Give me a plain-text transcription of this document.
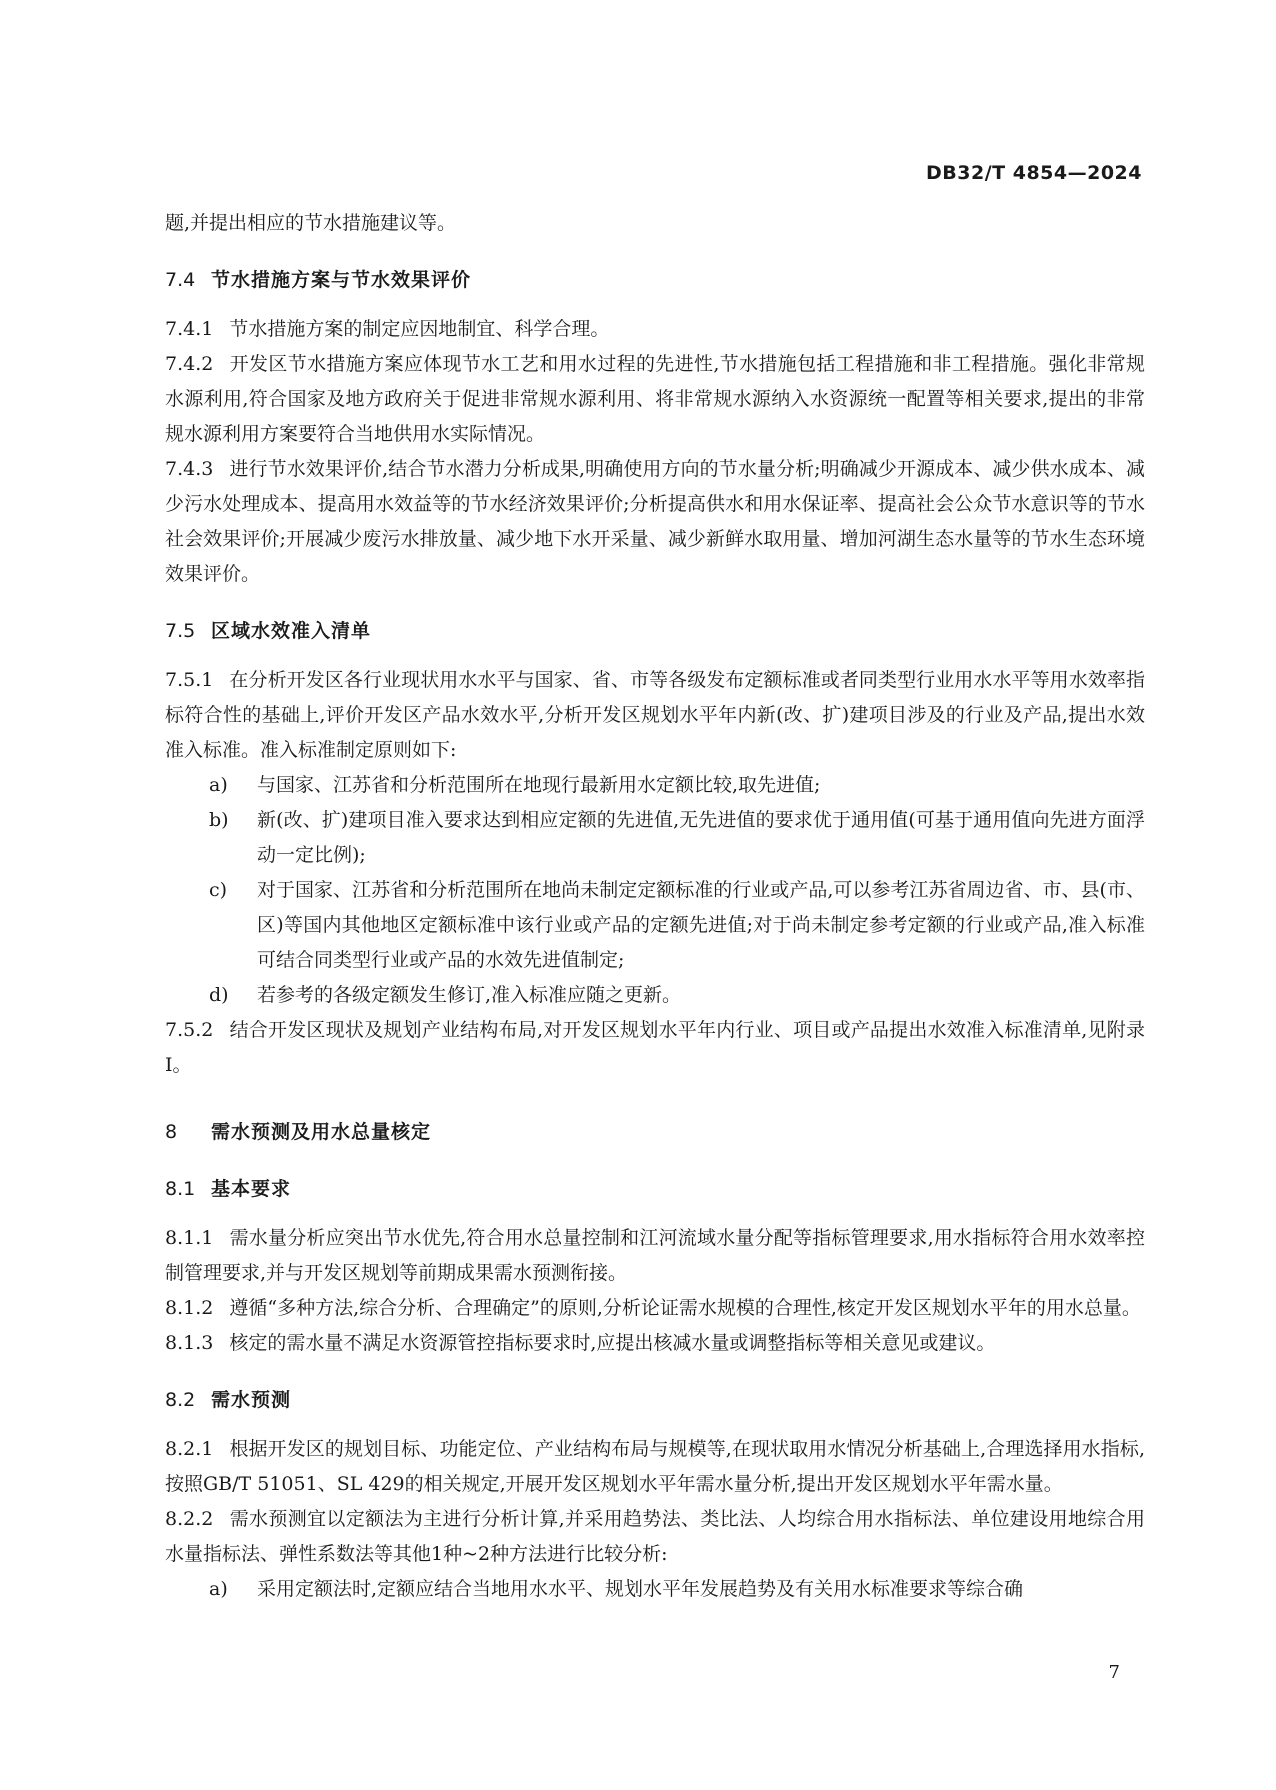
DB32/T 4854—2024

题,并提出相应的节水措施建议等。

7.4 节水措施方案与节水效果评价

7.4.1 节水措施方案的制定应因地制宜、科学合理。

7.4.2 开发区节水措施方案应体现节水工艺和用水过程的先进性,节水措施包括工程措施和非工程措施。强化非常规水源利用,符合国家及地方政府关于促进非常规水源利用、将非常规水源纳入水资源统一配置等相关要求,提出的非常规水源利用方案要符合当地供用水实际情况。

7.4.3 进行节水效果评价,结合节水潜力分析成果,明确使用方向的节水量分析;明确减少开源成本、减少供水成本、减少污水处理成本、提高用水效益等的节水经济效果评价;分析提高供水和用水保证率、提高社会公众节水意识等的节水社会效果评价;开展减少废污水排放量、减少地下水开采量、减少新鲜水取用量、增加河湖生态水量等的节水生态环境效果评价。

7.5 区域水效准入清单

7.5.1 在分析开发区各行业现状用水水平与国家、省、市等各级发布定额标准或者同类型行业用水水平等用水效率指标符合性的基础上,评价开发区产品水效水平,分析开发区规划水平年内新(改、扩)建项目涉及的行业及产品,提出水效准入标准。准入标准制定原则如下:

a) 与国家、江苏省和分析范围所在地现行最新用水定额比较,取先进值;

b) 新(改、扩)建项目准入要求达到相应定额的先进值,无先进值的要求优于通用值(可基于通用值向先进方面浮动一定比例);

c) 对于国家、江苏省和分析范围所在地尚未制定定额标准的行业或产品,可以参考江苏省周边省、市、县(市、区)等国内其他地区定额标准中该行业或产品的定额先进值;对于尚未制定参考定额的行业或产品,准入标准可结合同类型行业或产品的水效先进值制定;

d) 若参考的各级定额发生修订,准入标准应随之更新。

7.5.2 结合开发区现状及规划产业结构布局,对开发区规划水平年内行业、项目或产品提出水效准入标准清单,见附录I。

8 需水预测及用水总量核定
8.1 基本要求

8.1.1 需水量分析应突出节水优先,符合用水总量控制和江河流域水量分配等指标管理要求,用水指标符合用水效率控制管理要求,并与开发区规划等前期成果需水预测衔接。

8.1.2 遵循“多种方法,综合分析、合理确定”的原则,分析论证需水规模的合理性,核定开发区规划水平年的用水总量。

8.1.3 核定的需水量不满足水资源管控指标要求时,应提出核减水量或调整指标等相关意见或建议。

8.2 需水预测

8.2.1 根据开发区的规划目标、功能定位、产业结构布局与规模等,在现状取用水情况分析基础上,合理选择用水指标,按照GB/T 51051、SL 429的相关规定,开展开发区规划水平年需水量分析,提出开发区规划水平年需水量。

8.2.2 需水预测宜以定额法为主进行分析计算,并采用趋势法、类比法、人均综合用水指标法、单位建设用地综合用水量指标法、弹性系数法等其他1种~2种方法进行比较分析:

a) 采用定额法时,定额应结合当地用水水平、规划水平年发展趋势及有关用水标准要求等综合确

7
